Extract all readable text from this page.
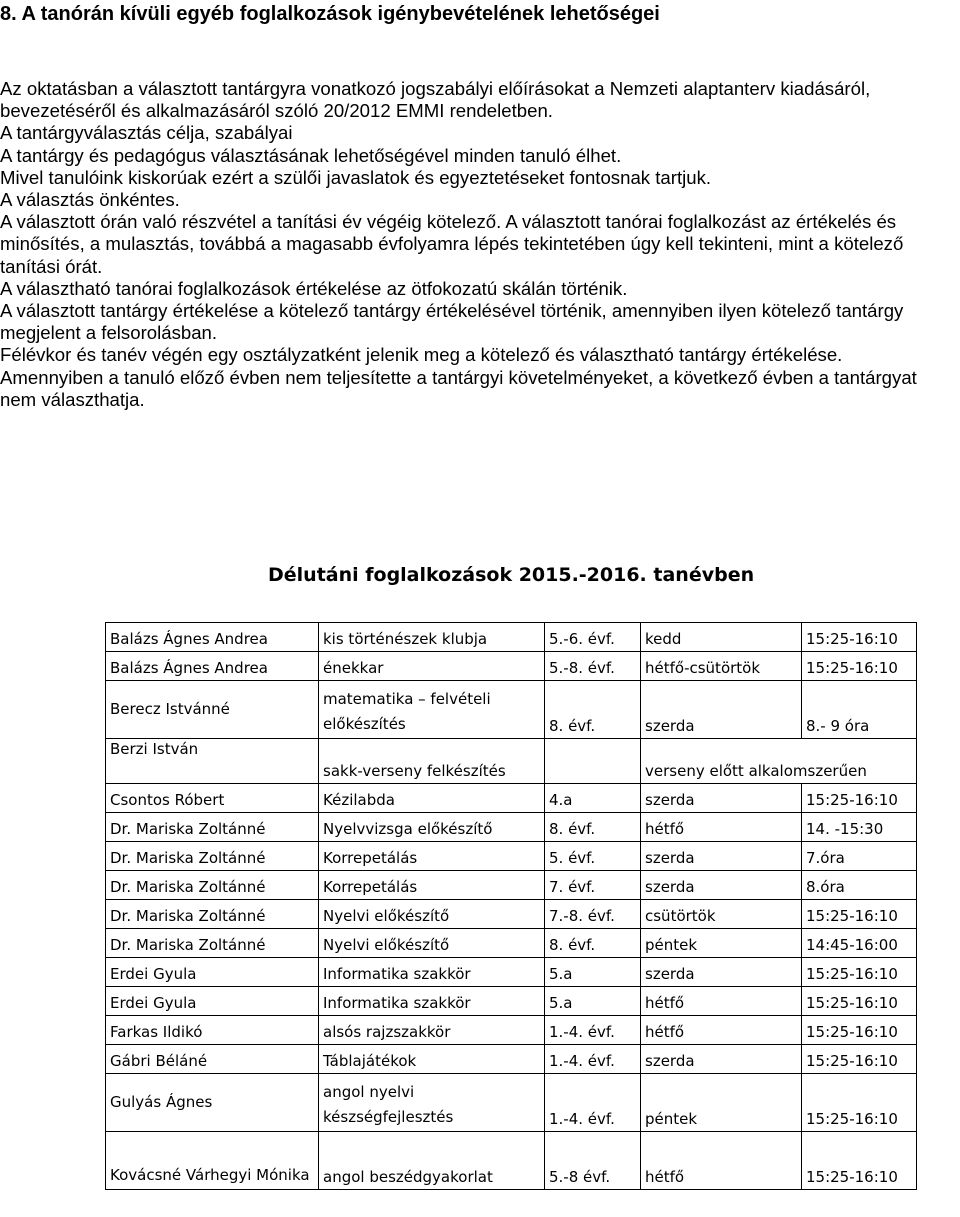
8. A tanórán kívüli egyéb foglalkozások igénybevételének lehetőségei

Az oktatásban a választott tantárgyra vonatkozó jogszabályi előírásokat a Nemzeti alaptanterv kiadásáról, bevezetéséről és alkalmazásáról szóló 20/2012 EMMI rendeletben.

A tantárgyválasztás célja, szabályai

A tantárgy és pedagógus választásának lehetőségével minden tanuló élhet.

Mivel tanulóink kiskorúak ezért a szülői javaslatok és egyeztetéseket fontosnak tartjuk.

A választás önkéntes.

A választott órán való részvétel a tanítási év végéig kötelező. A választott tanórai foglalkozást az értékelés és minősítés, a mulasztás, továbbá a magasabb évfolyamra lépés tekintetében úgy kell tekinteni, mint a kötelező tanítási órát.

A választható tanórai foglalkozások értékelése az ötfokozatú skálán történik.

A választott tantárgy értékelése a kötelező tantárgy értékelésével történik, amennyiben ilyen kötelező tantárgy megjelent a felsorolásban.

Félévkor és tanév végén egy osztályzatként jelenik meg a kötelező és választható tantárgy értékelése.

Amennyiben a tanuló előző évben nem teljesítette a tantárgyi követelményeket, a következő évben a tantárgyat nem választhatja.

Délutáni foglalkozások 2015.-2016. tanévben
Balázs Ágnes Andrea	kis történészek klubja	5.-6. évf.	kedd	15:25-16:10
Balázs Ágnes Andrea	énekkar	5.-8. évf.	hétfő-csütörtök	15:25-16:10
Berecz Istvánné	matematika – felvételi előkészítés	8. évf.	szerda	8.- 9 óra
Berzi István	sakk-verseny felkészítés		verseny előtt alkalomszerűen	
Csontos Róbert	Kézilabda	4.a	szerda	15:25-16:10
Dr. Mariska Zoltánné	Nyelvvizsga előkészítő	8. évf.	hétfő	14. -15:30
Dr. Mariska Zoltánné	Korrepetálás	5. évf.	szerda	7.óra
Dr. Mariska Zoltánné	Korrepetálás	7. évf.	szerda	8.óra
Dr. Mariska Zoltánné	Nyelvi előkészítő	7.-8. évf.	csütörtök	15:25-16:10
Dr. Mariska Zoltánné	Nyelvi előkészítő	8. évf.	péntek	14:45-16:00
Erdei Gyula	Informatika szakkör	5.a	szerda	15:25-16:10
Erdei Gyula	Informatika szakkör	5.a	hétfő	15:25-16:10
Farkas Ildikó	alsós rajzszakkör	1.-4. évf.	hétfő	15:25-16:10
Gábri Béláné	Táblajátékok	1.-4. évf.	szerda	15:25-16:10
Gulyás Ágnes	angol nyelvi készségfejlesztés	1.-4. évf.	péntek	15:25-16:10
Kovácsné Várhegyi Mónika	angol beszédgyakorlat	5.-8 évf.	hétfő	15:25-16:10
